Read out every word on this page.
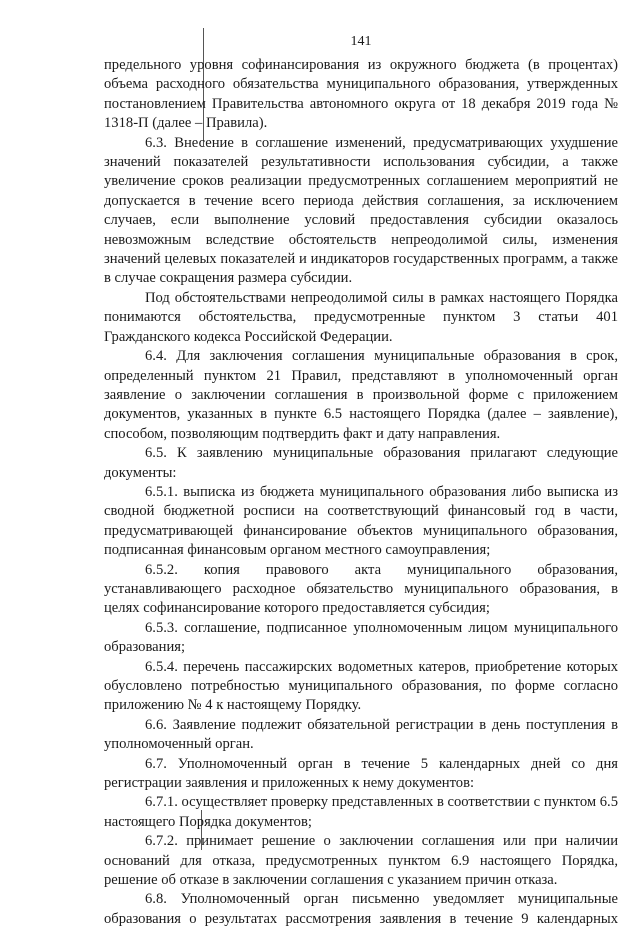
141

предельного уровня софинансирования из окружного бюджета (в процентах) объема расходного обязательства муниципального образования, утвержденных постановлением Правительства автономного округа от 18 декабря 2019 года № 1318-П (далее – Правила).

6.3. Внесение в соглашение изменений, предусматривающих ухудшение значений показателей результативности использования субсидии, а также увеличение сроков реализации предусмотренных соглашением мероприятий не допускается в течение всего периода действия соглашения, за исключением случаев, если выполнение условий предоставления субсидии оказалось невозможным вследствие обстоятельств непреодолимой силы, изменения значений целевых показателей и индикаторов государственных программ, а также в случае сокращения размера субсидии.

Под обстоятельствами непреодолимой силы в рамках настоящего Порядка понимаются обстоятельства, предусмотренные пунктом 3 статьи 401 Гражданского кодекса Российской Федерации.

6.4. Для заключения соглашения муниципальные образования в срок, определенный пунктом 21 Правил, представляют в уполномоченный орган заявление о заключении соглашения в произвольной форме с приложением документов, указанных в пункте 6.5 настоящего Порядка (далее – заявление), способом, позволяющим подтвердить факт и дату направления.

6.5. К заявлению муниципальные образования прилагают следующие документы:

6.5.1. выписка из бюджета муниципального образования либо выписка из сводной бюджетной росписи на соответствующий финансовый год в части, предусматривающей финансирование объектов муниципального образования, подписанная финансовым органом местного самоуправления;

6.5.2. копия правового акта муниципального образования, устанавливающего расходное обязательство муниципального образования, в целях софинансирование которого предоставляется субсидия;

6.5.3. соглашение, подписанное уполномоченным лицом муниципального образования;

6.5.4. перечень пассажирских водометных катеров, приобретение которых обусловлено потребностью муниципального образования, по форме согласно приложению № 4 к настоящему Порядку.

6.6. Заявление подлежит обязательной регистрации в день поступления в уполномоченный орган.

6.7. Уполномоченный орган в течение 5 календарных дней со дня регистрации заявления и приложенных к нему документов:

6.7.1. осуществляет проверку представленных в соответствии с пунктом 6.5 настоящего Порядка документов;

6.7.2. принимает решение о заключении соглашения или при наличии оснований для отказа, предусмотренных пунктом 6.9 настоящего Порядка, решение об отказе в заключении соглашения с указанием причин отказа.

6.8. Уполномоченный орган письменно уведомляет муниципальные образования о результатах рассмотрения заявления в течение 9 календарных
